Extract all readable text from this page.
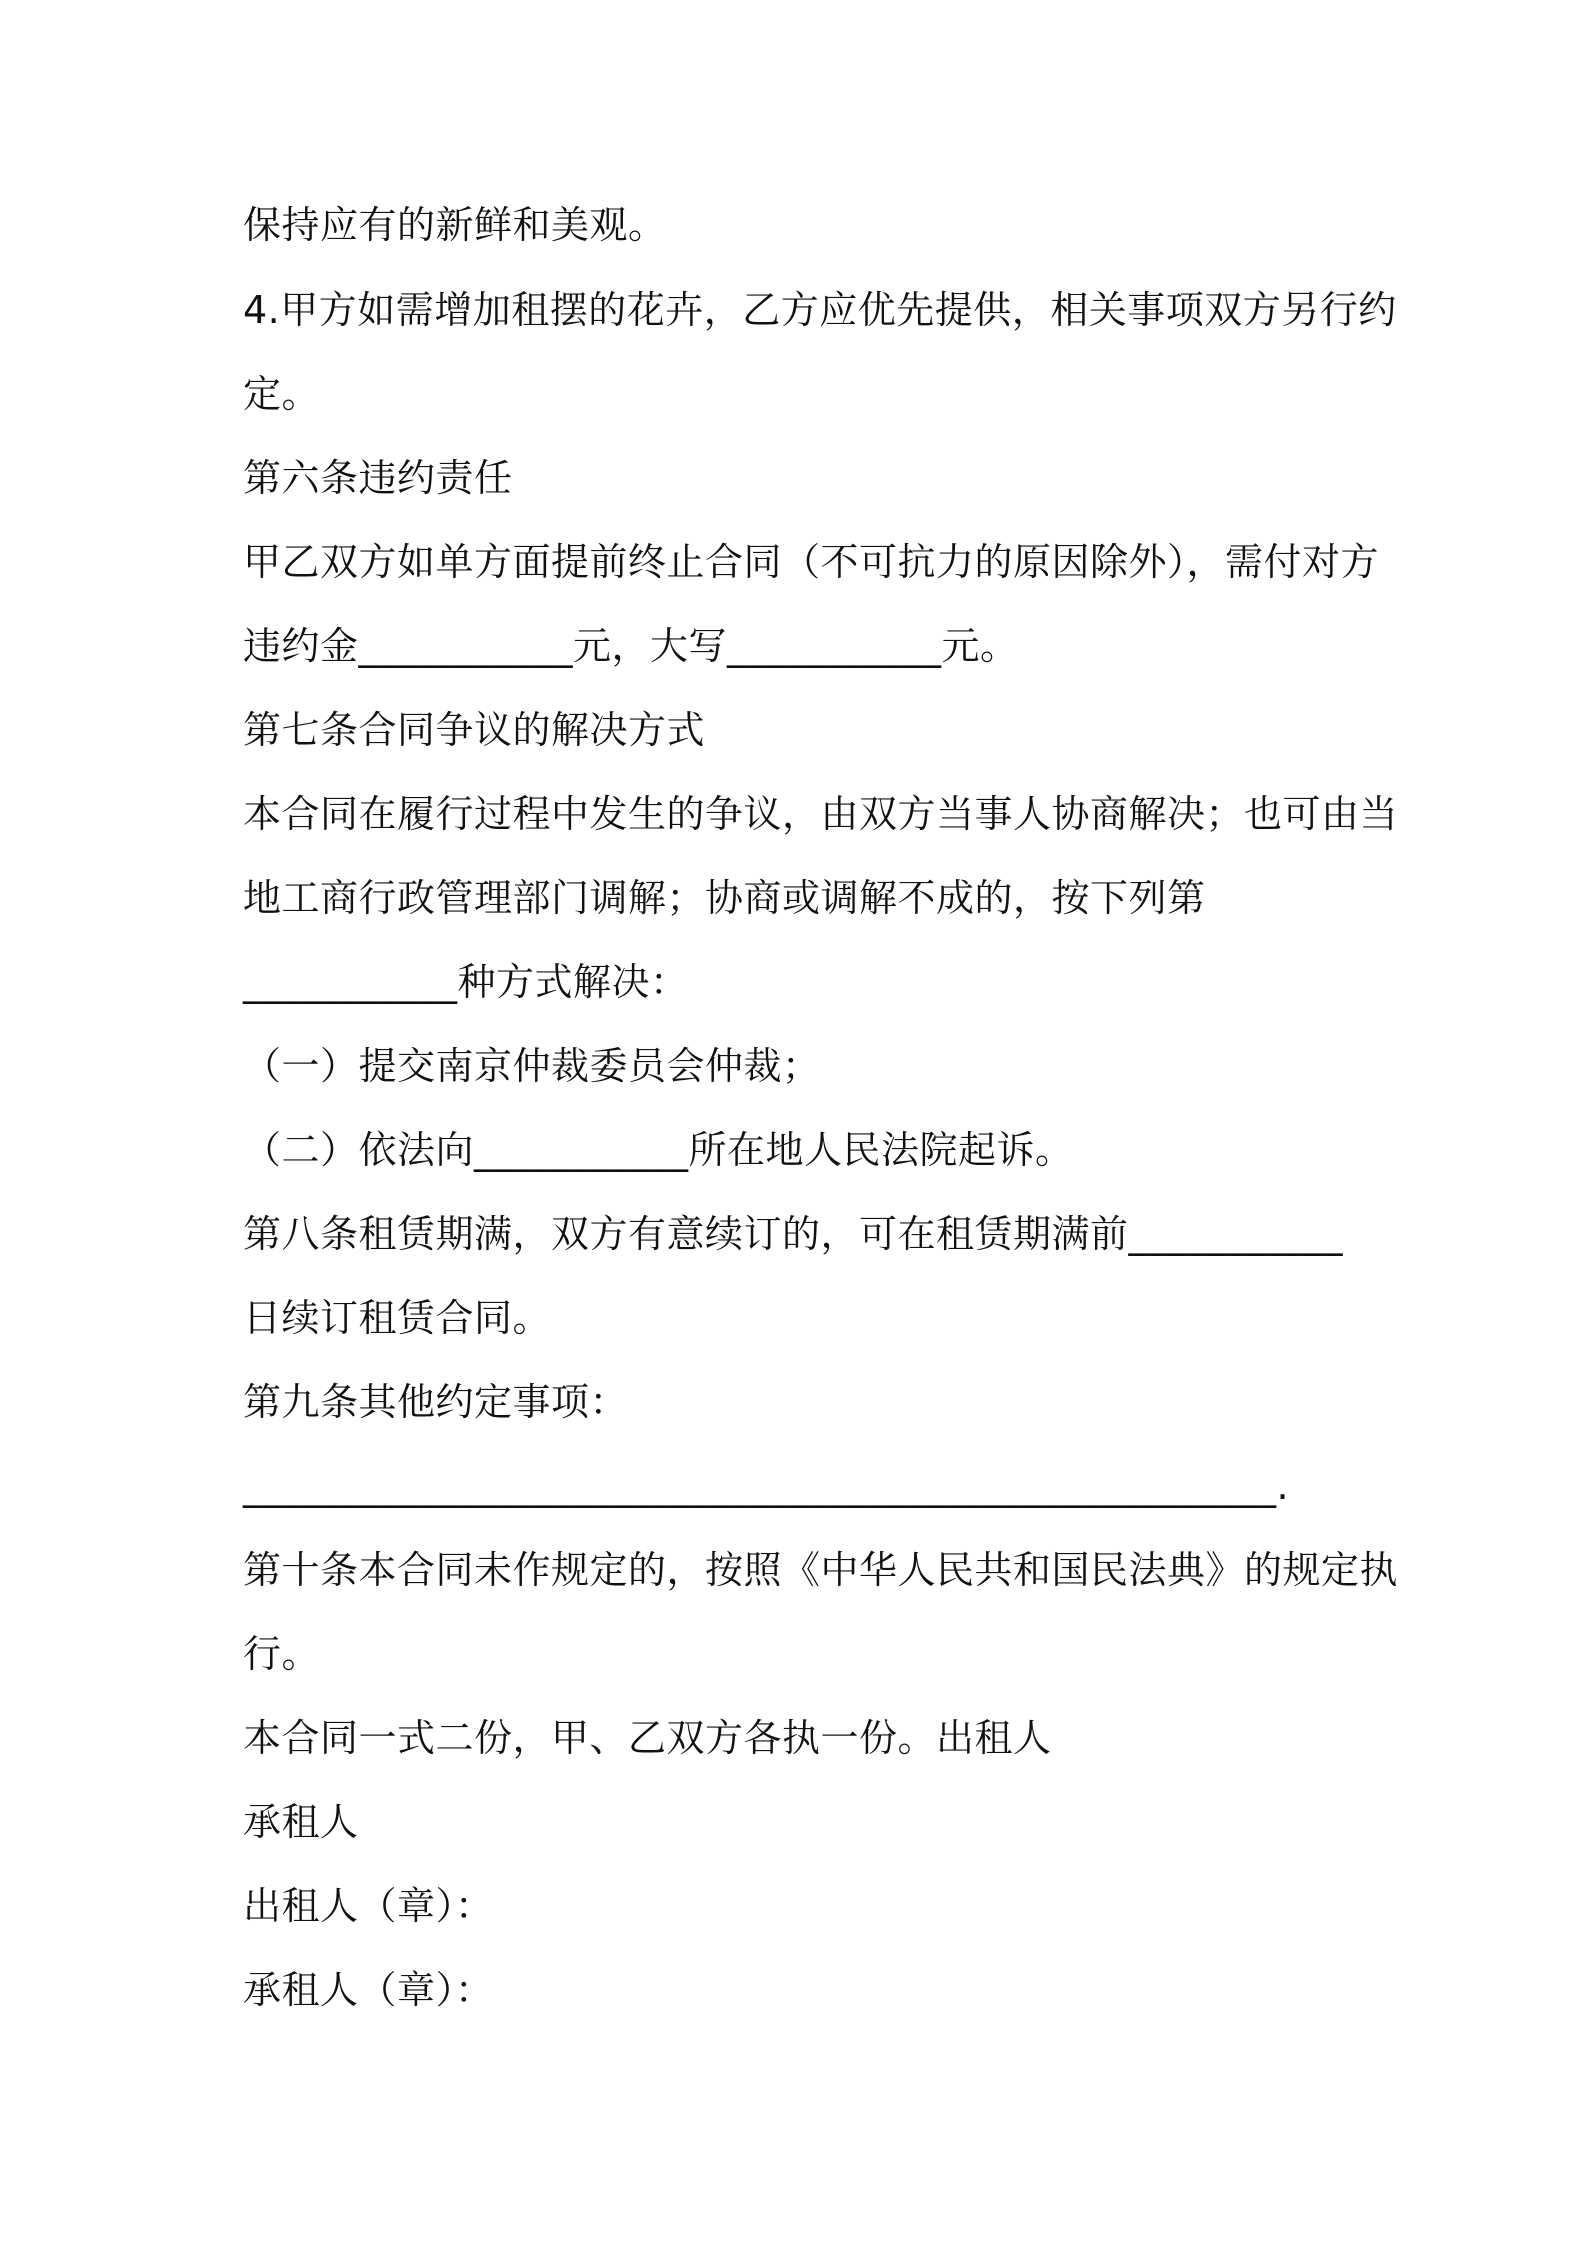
保持应有的新鲜和美观。
4.甲方如需增加租摆的花卉，乙方应优先提供，相关事项双方另行约
定。
第六条违约责任
甲乙双方如单方面提前终止合同（不可抗力的原因除外），需付对方
违约金___________元，大写___________元。
第七条合同争议的解决方式
本合同在履行过程中发生的争议，由双方当事人协商解决；也可由当
地工商行政管理部门调解；协商或调解不成的，按下列第
___________种方式解决：
（一）提交南京仲裁委员会仲裁；
（二）依法向___________所在地人民法院起诉。
第八条租赁期满，双方有意续订的，可在租赁期满前___________
日续订租赁合同。
第九条其他约定事项：
_____________________________________________________.
第十条本合同未作规定的，按照《中华人民共和国民法典》的规定执
行。
本合同一式二份，甲、乙双方各执一份。出租人
承租人
出租人（章）：
承租人（章）：
